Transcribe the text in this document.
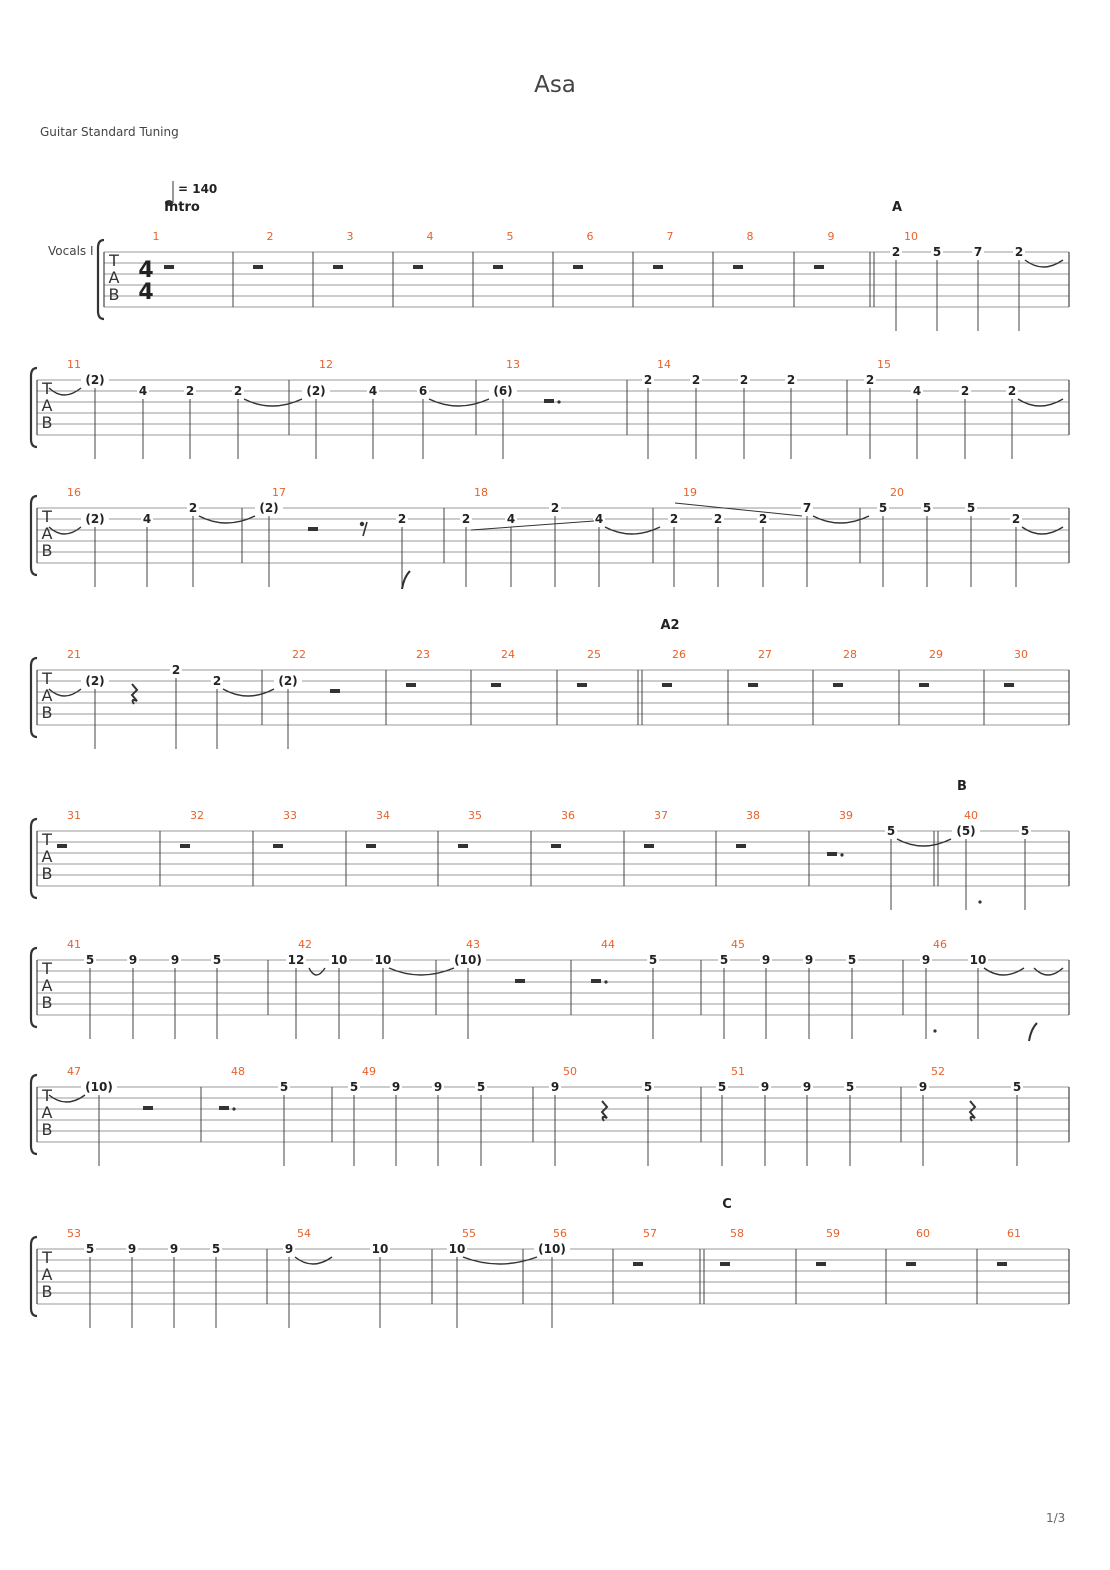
Asa
Guitar Standard Tuning
1/3
= 140
Vocals I T
A
B
4
4
Intro	A
1	2	3	4	5	6	7	8	9	10
2	5	7	2
T
A
B
11
(2)
4	2	2
12
(2)	4	6
13
(6)
14
2	2	2	2
15
2
4	2	2
T
A
B
16
(2)	4
2
17
(2)
2
18
2	4
2
4
19
2	2	2
7
20
5	5	5
2
T
A
B
A2
21
(2)
2
2
22
(2)
23	24	25	26	27	28	29	30
T
A
B
B
31	32	33	34	35	36	37	38	39
5
40
(5)	5
T
A
B
41
5	9	9	5
42
12 10 10
43
(10)
44
5
45
5	9	9	5
46
9	10
T
A
B
47
(10)
48
5
49
5	9	9	5
50
9	5
51
5	9	9	5
52
9	5
T
A
B
C
53
5	9	9	5
54
9	10
55
10
56
(10)
57	58	59	60	61
